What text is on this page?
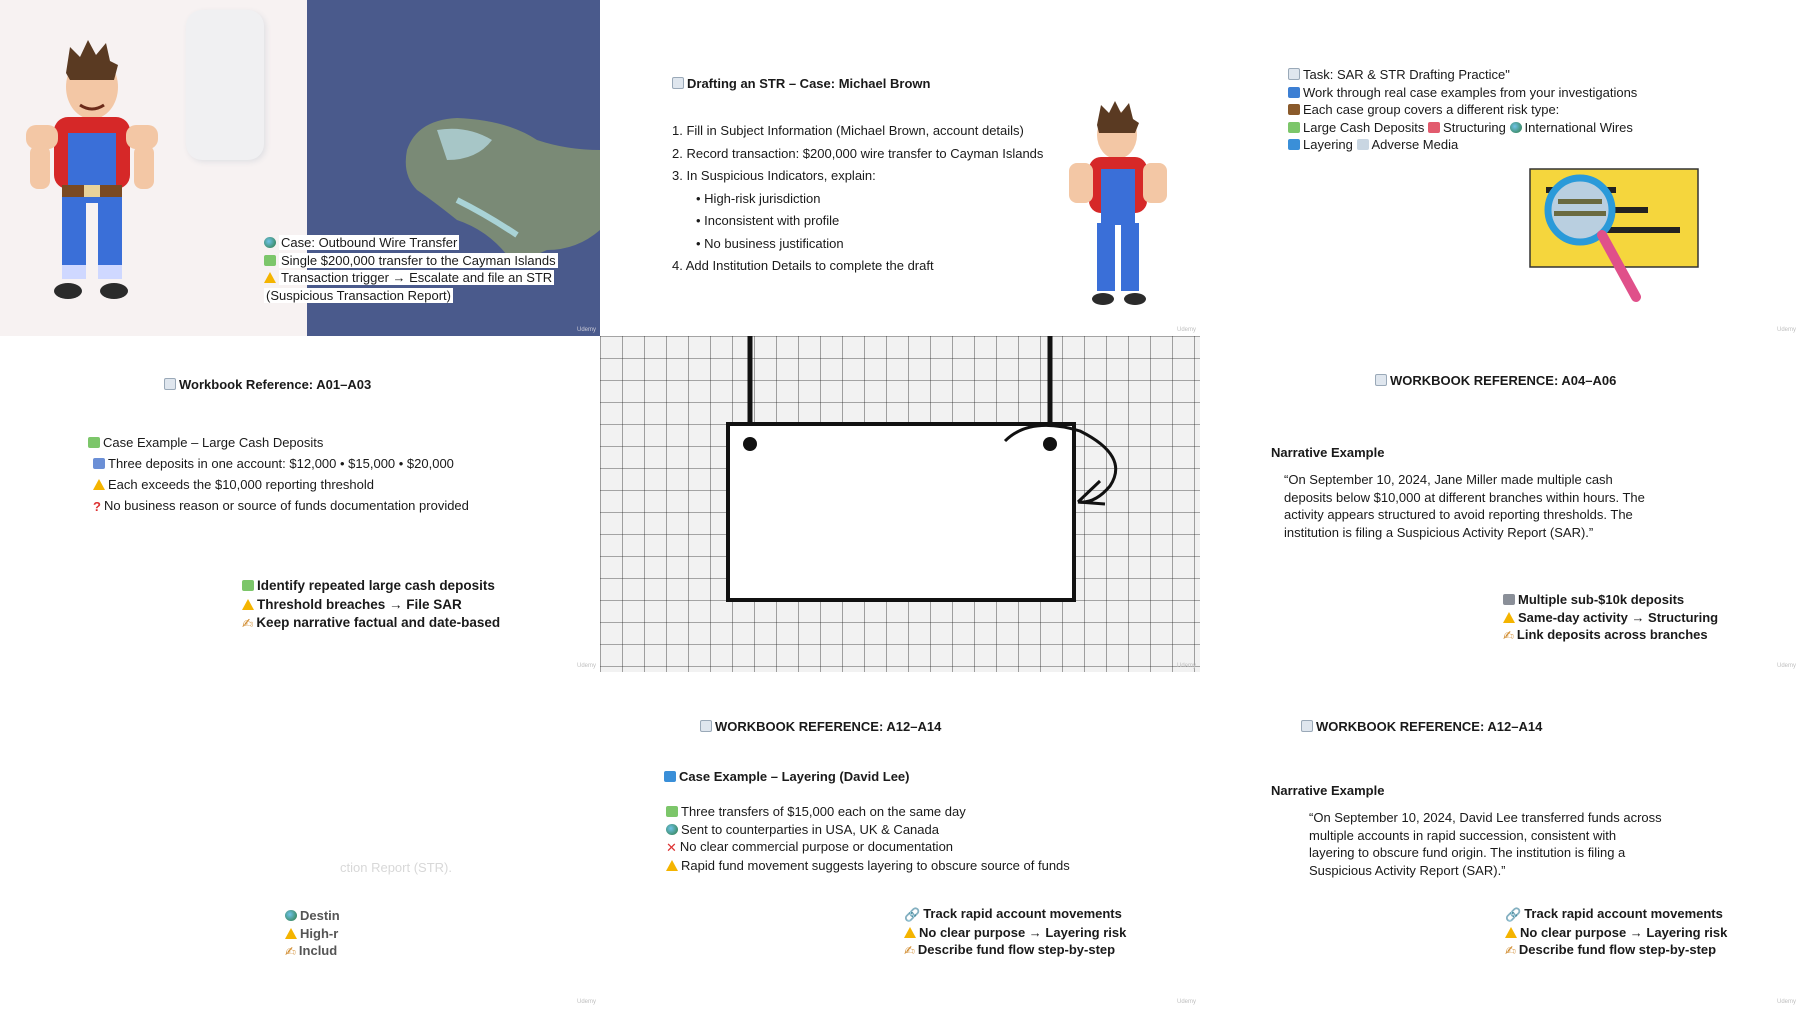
Case: Outbound Wire Transfer
Single $200,000 transfer to the Cayman Islands
Transaction trigger → Escalate and file an STR
(Suspicious Transaction Report)
Udemy
Drafting an STR – Case: Michael Brown
1. Fill in Subject Information (Michael Brown, account details)
2. Record transaction: $200,000 wire transfer to Cayman Islands
3. In Suspicious Indicators, explain:
• High-risk jurisdiction
• Inconsistent with profile
• No business justification
4. Add Institution Details to complete the draft
Udemy
Task: SAR & STR Drafting Practice"
Work through real case examples from your investigations
Each case group covers a different risk type:
Large Cash Deposits Structuring International Wires
Layering Adverse Media
Udemy
Workbook Reference: A01–A03
Case Example – Large Cash Deposits
Three deposits in one account: $12,000 • $15,000 • $20,000
Each exceeds the $10,000 reporting threshold
? No business reason or source of funds documentation provided
Identify repeated large cash deposits
Threshold breaches → File SAR
✍ Keep narrative factual and date-based
Udemy	Udemy
WORKBOOK REFERENCE: A04–A06
Narrative Example
“On September 10, 2024, Jane Miller made multiple cash
deposits below $10,000 at different branches within hours. The
activity appears structured to avoid reporting thresholds. The
institution is filing a Suspicious Activity Report (SAR).”
Multiple sub-$10k deposits
Same-day activity → Structuring
✍ Link deposits across branches
Udemy
ction Report (STR).
Destin
High-r
✍ Includ
Udemy
WORKBOOK REFERENCE: A12–A14
Case Example – Layering (David Lee)
Three transfers of $15,000 each on the same day
Sent to counterparties in USA, UK & Canada
✕ No clear commercial purpose or documentation
Rapid fund movement suggests layering to obscure source of funds
🔗 Track rapid account movements
No clear purpose → Layering risk
✍ Describe fund flow step-by-step
Udemy
WORKBOOK REFERENCE: A12–A14
Narrative Example
“On September 10, 2024, David Lee transferred funds across
multiple accounts in rapid succession, consistent with
layering to obscure fund origin. The institution is filing a
Suspicious Activity Report (SAR).”
🔗 Track rapid account movements
No clear purpose → Layering risk
✍ Describe fund flow step-by-step
Udemy
